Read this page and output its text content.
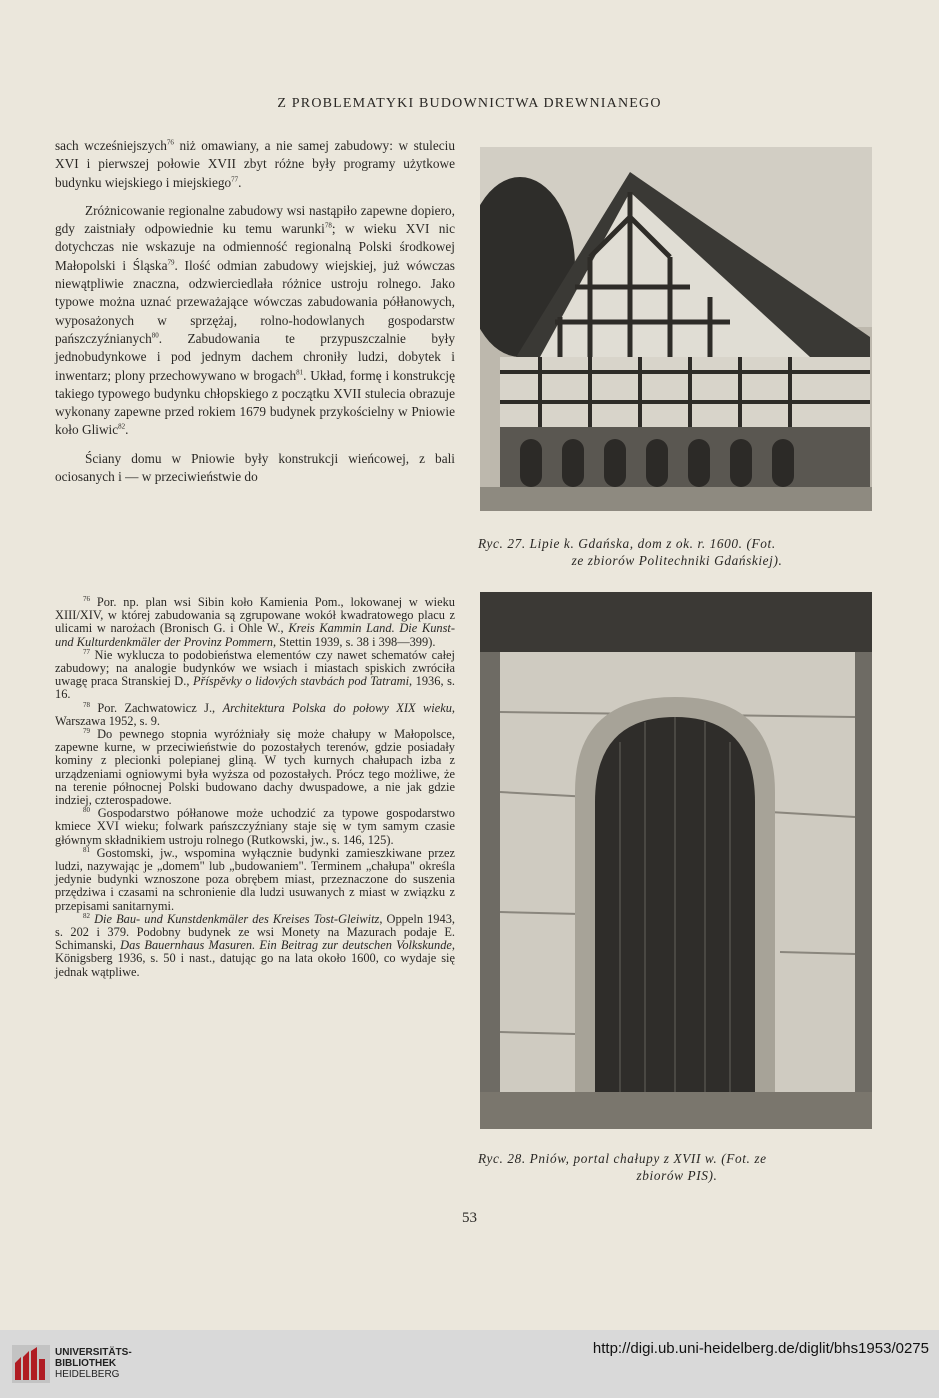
Z PROBLEMATYKI BUDOWNICTWA DREWNIANEGO

sach wcześniejszych$^{76}$ niż omawiany, a nie samej zabudowy: w stuleciu XVI i pierwszej połowie XVII zbyt różne były programy użytkowe budynku wiejskiego i miejskiego$^{77}$.

Zróżnicowanie regionalne zabudowy wsi nastąpiło zapewne dopiero, gdy zaistniały odpowiednie ku temu warunki$^{78}$; w wieku XVI nic dotychczas nie wskazuje na odmienność regionalną Polski środkowej Małopolski i Śląska$^{79}$. Ilość odmian zabudowy wiejskiej, już wówczas niewątpliwie znaczna, odzwierciedlała różnice ustroju rolnego. Jako typowe można uznać przeważające wówczas zabudowania półłanowych, wyposażonych w sprzężaj, rolno-hodowlanych gospodarstw pańszczyźnianych$^{80}$. Zabudowania te przypuszczalnie były jednobudynkowe i pod jednym dachem chroniły ludzi, dobytek i inwentarz; plony przechowywano w brogach$^{81}$. Układ, formę i konstrukcję takiego typowego budynku chłopskiego z początku XVII stulecia obrazuje wykonany zapewne przed rokiem 1679 budynek przykościelny w Pniowie koło Gliwic$^{82}$.

Ściany domu w Pniowie były konstrukcji wieńcowej, z bali ociosanych i — w przeciwieństwie do

$^{76}$ Por. np. plan wsi Sibin koło Kamienia Pom., lokowanej w wieku XIII/XIV, w której zabudowania są zgrupowane wokół kwadratowego placu z ulicami w narożach (Bronisch G. i Ohle W., Kreis Kammin Land. Die Kunst- und Kulturdenkmäler der Provinz Pommern, Stettin 1939, s. 38 i 398—399).

$^{77}$ Nie wyklucza to podobieństwa elementów czy nawet schematów całej zabudowy; na analogie budynków we wsiach i miastach spiskich zwróciła uwagę praca Stranskiej D., Příspěvky o lidových stavbách pod Tatrami, 1936, s. 16.

$^{78}$ Por. Zachwatowicz J., Architektura Polska do połowy XIX wieku, Warszawa 1952, s. 9.

$^{79}$ Do pewnego stopnia wyróżniały się może chałupy w Małopolsce, zapewne kurne, w przeciwieństwie do pozostałych terenów, gdzie posiadały kominy z plecionki polepianej gliną. W tych kurnych chałupach izba z urządzeniami ogniowymi była wyższa od pozostałych. Prócz tego możliwe, że na terenie północnej Polski budowano dachy dwuspadowe, a nie jak gdzie indziej, czterospadowe.

$^{80}$ Gospodarstwo półłanowe może uchodzić za typowe gospodarstwo kmiece XVI wieku; folwark pańszczyźniany staje się w tym samym czasie głównym składnikiem ustroju rolnego (Rutkowski, jw., s. 146, 125).

$^{81}$ Gostomski, jw., wspomina wyłącznie budynki zamieszkiwane przez ludzi, nazywając je „domem" lub „budowaniem". Terminem „chałupa" określa jedynie budynki wznoszone poza obrębem miast, przeznaczone do suszenia przędziwa i czasami na schronienie dla ludzi usuwanych z miast w związku z przepisami sanitarnymi.

$^{82}$ Die Bau- und Kunstdenkmäler des Kreises Tost-Gleiwitz, Oppeln 1943, s. 202 i 379. Podobny budynek ze wsi Monety na Mazurach podaje E. Schimanski, Das Bauernhaus Masuren. Ein Beitrag zur deutschen Volkskunde, Königsberg 1936, s. 50 i nast., datując go na lata około 1600, co wydaje się jednak wątpliwe.

Ryc. 27. Lipie k. Gdańska, dom z ok. r. 1600. (Fot.
ze zbiorów Politechniki Gdańskiej).
Ryc. 28. Pniów, portal chałupy z XVII w. (Fot. ze
zbiorów PIS).
53
UNIVERSITÄTS-
BIBLIOTHEK
HEIDELBERG
http://digi.ub.uni-heidelberg.de/diglit/bhs1953/0275
